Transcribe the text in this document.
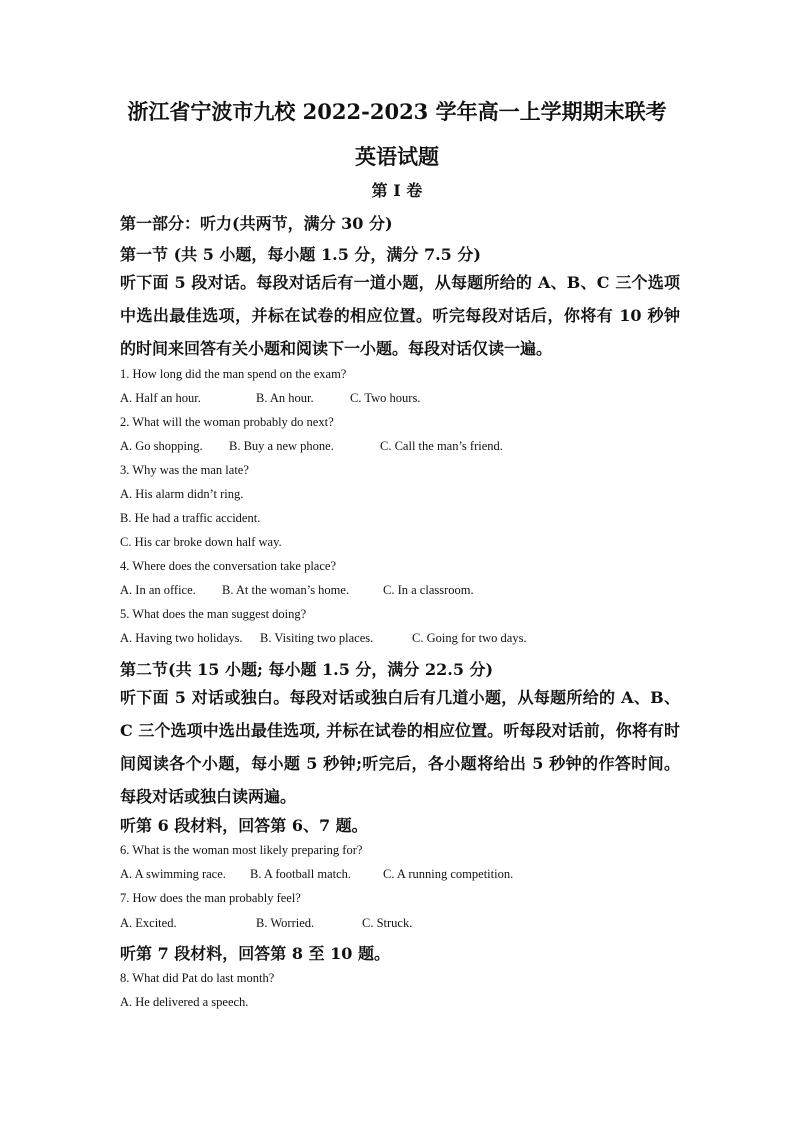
浙江省宁波市九校 2022-2023 学年高一上学期期末联考
英语试题
第 I 卷
第一部分：听力(共两节，满分 30 分)
第一节 (共 5 小题，每小题 1.5 分，满分 7.5 分)
听下面 5 段对话。每段对话后有一道小题，从每题所给的 A、B、C 三个选项中选出最佳选项，并标在试卷的相应位置。听完每段对话后，你将有 10 秒钟的时间来回答有关小题和阅读下一小题。每段对话仅读一遍。
1. How long did the man spend on the exam?
A. Half an hour.	B. An hour.	C. Two hours.
2. What will the woman probably do next?
A. Go shopping. B. Buy a new phone.	C. Call the man’s friend.
3. Why was the man late?
A. His alarm didn’t ring.
B. He had a traffic accident.
C. His car broke down half way.
4. Where does the conversation take place?
A. In an office. B. At the woman’s home.	C. In a classroom.
5. What does the man suggest doing?
A. Having two holidays. B. Visiting two places.	C. Going for two days.
第二节(共 15 小题; 每小题 1.5 分，满分 22.5 分)
听下面 5 对话或独白。每段对话或独白后有几道小题，从每题所给的 A、B、C 三个选项中选出最佳选项, 并标在试卷的相应位置。听每段对话前，你将有时间阅读各个小题，每小题 5 秒钟;听完后，各小题将给出 5 秒钟的作答时间。每段对话或独白读两遍。
听第 6 段材料，回答第 6、7 题。
6. What is the woman most likely preparing for?
A. A swimming race. B. A football match.	C. A running competition.
7. How does the man probably feel?
A. Excited.	B. Worried.	C. Struck.
听第 7 段材料，回答第 8 至 10 题。
8. What did Pat do last month?
A. He delivered a speech.
